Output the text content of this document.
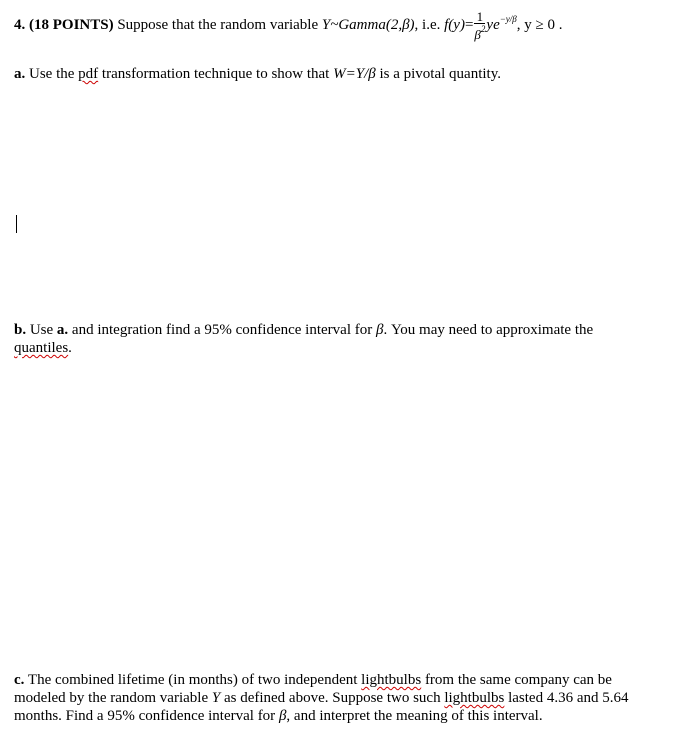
4. (18 POINTS) Suppose that the random variable Y~Gamma(2,β), i.e. $f(y)= \frac{1}{\beta^2} ye^{-y/\beta}$, y ≥ 0 .
a. Use the pdf transformation technique to show that W=Y/β is a pivotal quantity.
b. Use a. and integration find a 95% confidence interval for β. You may need to approximate the
quantiles.
c. The combined lifetime (in months) of two independent lightbulbs from the same company can be
modeled by the random variable Y as defined above. Suppose two such lightbulbs lasted 4.36 and 5.64
months. Find a 95% confidence interval for β, and interpret the meaning of this interval.
